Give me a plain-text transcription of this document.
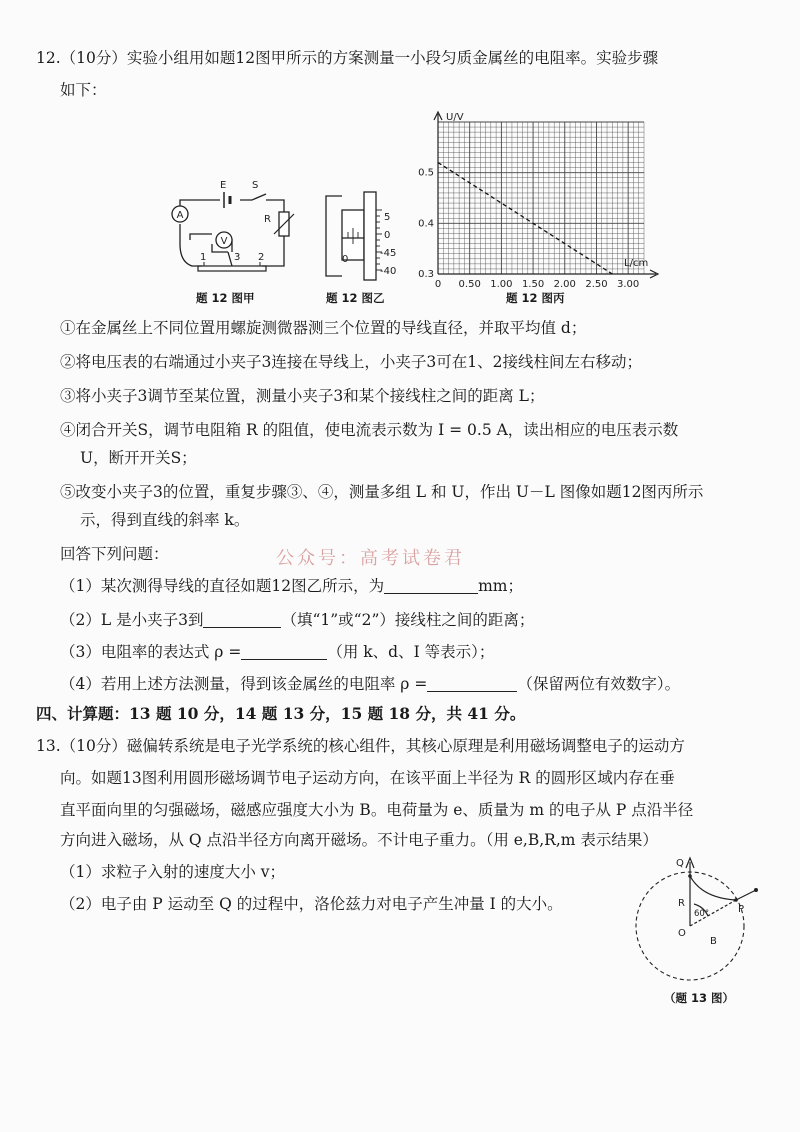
12.（10分）实验小组用如题12图甲所示的方案测量一小段匀质金属丝的电阻率。实验步骤
如下：
A
V
E	S
R
1	3 2
题 12 图甲
5
0
-45
-40
0
题 12 图乙
U/V
L/cm
0 0.50 1.00 1.50 2.00 2.50 3.00
0.3
0.4
0.5
题 12 图丙
①在金属丝上不同位置用螺旋测微器测三个位置的导线直径，并取平均值 d；
②将电压表的右端通过小夹子3连接在导线上，小夹子3可在1、2接线柱间左右移动；
③将小夹子3调节至某位置，测量小夹子3和某个接线柱之间的距离 L；
④闭合开关S，调节电阻箱 R 的阻值，使电流表示数为 I = 0.5 A，读出相应的电压表示数
U，断开开关S；
⑤改变小夹子3的位置，重复步骤③、④，测量多组 L 和 U，作出 U－L 图像如题12图丙所示
示，得到直线的斜率 k。
回答下列问题：	公众号：高考试卷君
（1）某次测得导线的直径如题12图乙所示，为	mm；
（2）L 是小夹子3到	（填“1”或“2”）接线柱之间的距离；
（3）电阻率的表达式 ρ =	（用 k、d、I 等表示）；
（4）若用上述方法测量，得到该金属丝的电阻率 ρ =	（保留两位有效数字）。
四、计算题：13 题 10 分，14 题 13 分，15 题 18 分，共 41 分。
13.（10分）磁偏转系统是电子光学系统的核心组件，其核心原理是利用磁场调整电子的运动方
向。如题13图利用圆形磁场调节电子运动方向，在该平面上半径为 R 的圆形区域内存在垂
直平面向里的匀强磁场，磁感应强度大小为 B。电荷量为 e、质量为 m 的电子从 P 点沿半径
方向进入磁场，从 Q 点沿半径方向离开磁场。不计电子重力。（用 e,B,R,m 表示结果）
（1）求粒子入射的速度大小 v；
（2）电子由 P 运动至 Q 的过程中，洛伦兹力对电子产生冲量 I 的大小。
Q
P
O
R
B
60°
（题 13 图）
